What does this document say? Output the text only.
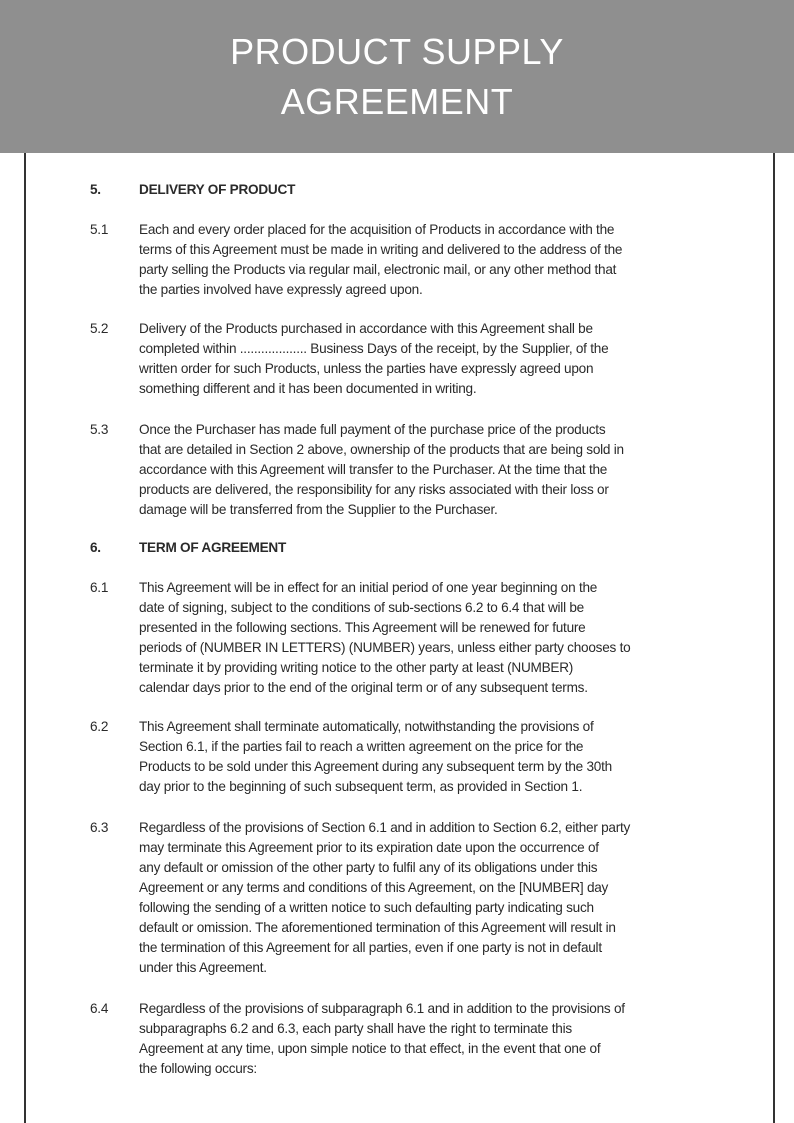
PRODUCT SUPPLY
AGREEMENT
5.	DELIVERY OF PRODUCT
5.1 Each and every order placed for the acquisition of Products in accordance with the
terms of this Agreement must be made in writing and delivered to the address of the
party selling the Products via regular mail, electronic mail, or any other method that
the parties involved have expressly agreed upon.
5.2 Delivery of the Products purchased in accordance with this Agreement shall be
completed within ................... Business Days of the receipt, by the Supplier, of the
written order for such Products, unless the parties have expressly agreed upon
something different and it has been documented in writing.
5.3 Once the Purchaser has made full payment of the purchase price of the products
that are detailed in Section 2 above, ownership of the products that are being sold in
accordance with this Agreement will transfer to the Purchaser. At the time that the
products are delivered, the responsibility for any risks associated with their loss or
damage will be transferred from the Supplier to the Purchaser.
6.	TERM OF AGREEMENT
6.1 This Agreement will be in effect for an initial period of one year beginning on the
date of signing, subject to the conditions of sub-sections 6.2 to 6.4 that will be
presented in the following sections. This Agreement will be renewed for future
periods of (NUMBER IN LETTERS) (NUMBER) years, unless either party chooses to
terminate it by providing writing notice to the other party at least (NUMBER)
calendar days prior to the end of the original term or of any subsequent terms.
6.2 This Agreement shall terminate automatically, notwithstanding the provisions of
Section 6.1, if the parties fail to reach a written agreement on the price for the
Products to be sold under this Agreement during any subsequent term by the 30th
day prior to the beginning of such subsequent term, as provided in Section 1.
6.3 Regardless of the provisions of Section 6.1 and in addition to Section 6.2, either party
may terminate this Agreement prior to its expiration date upon the occurrence of
any default or omission of the other party to fulfil any of its obligations under this
Agreement or any terms and conditions of this Agreement, on the [NUMBER] day
following the sending of a written notice to such defaulting party indicating such
default or omission. The aforementioned termination of this Agreement will result in
the termination of this Agreement for all parties, even if one party is not in default
under this Agreement.
6.4 Regardless of the provisions of subparagraph 6.1 and in addition to the provisions of
subparagraphs 6.2 and 6.3, each party shall have the right to terminate this
Agreement at any time, upon simple notice to that effect, in the event that one of
the following occurs:
